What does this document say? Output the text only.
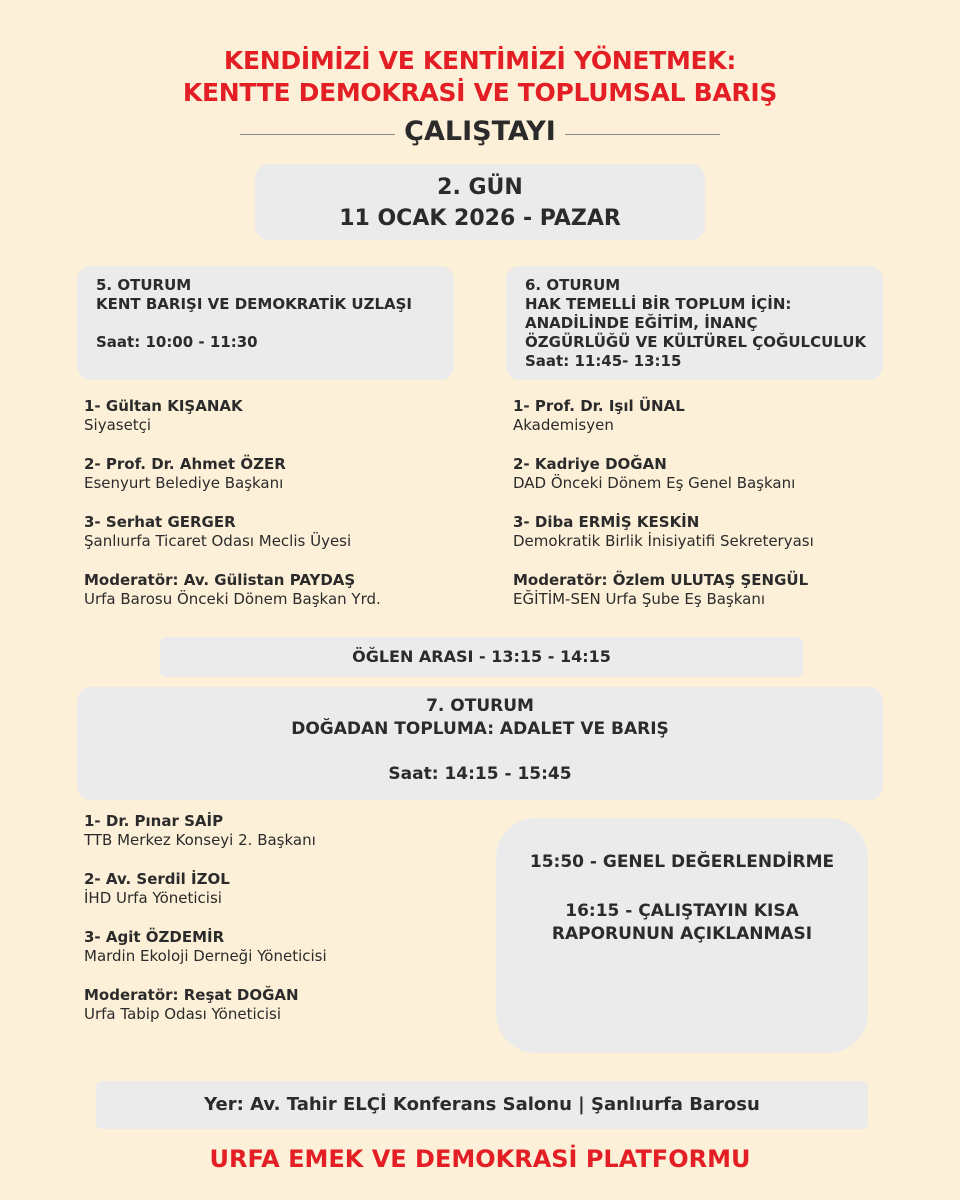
KENDİMİZİ VE KENTİMİZİ YÖNETMEK:
KENTTE DEMOKRASİ VE TOPLUMSAL BARIŞ
ÇALIŞTAYI
2. GÜN
11 OCAK 2026 - PAZAR
5. OTURUM
KENT BARIŞI VE DEMOKRATİK UZLAŞI
Saat: 10:00 - 11:30
6. OTURUM
HAK TEMELLİ BİR TOPLUM İÇİN:
ANADİLİNDE EĞİTİM, İNANÇ
ÖZGÜRLÜĞÜ VE KÜLTÜREL ÇOĞULCULUK
Saat: 11:45- 13:15
1- Gültan KIŞANAK
Siyasetçi
2- Prof. Dr. Ahmet ÖZER
Esenyurt Belediye Başkanı
3- Serhat GERGER
Şanlıurfa Ticaret Odası Meclis Üyesi
Moderatör: Av. Gülistan PAYDAŞ
Urfa Barosu Önceki Dönem Başkan Yrd.
1- Prof. Dr. Işıl ÜNAL
Akademisyen
2- Kadriye DOĞAN
DAD Önceki Dönem Eş Genel Başkanı
3- Diba ERMİŞ KESKİN
Demokratik Birlik İnisiyatifi Sekreteryası
Moderatör: Özlem ULUTAŞ ŞENGÜL
EĞİTİM-SEN Urfa Şube Eş Başkanı
ÖĞLEN ARASI - 13:15 - 14:15
7. OTURUM
DOĞADAN TOPLUMA: ADALET VE BARIŞ
Saat: 14:15 - 15:45
1- Dr. Pınar SAİP
TTB Merkez Konseyi 2. Başkanı
2- Av. Serdil İZOL
İHD Urfa Yöneticisi
3- Agit ÖZDEMİR
Mardin Ekoloji Derneği Yöneticisi
Moderatör: Reşat DOĞAN
Urfa Tabip Odası Yöneticisi
15:50 - GENEL DEĞERLENDİRME
16:15 - ÇALIŞTAYIN KISA
RAPORUNUN AÇIKLANMASI
Yer: Av. Tahir ELÇİ Konferans Salonu | Şanlıurfa Barosu
URFA EMEK VE DEMOKRASİ PLATFORMU
